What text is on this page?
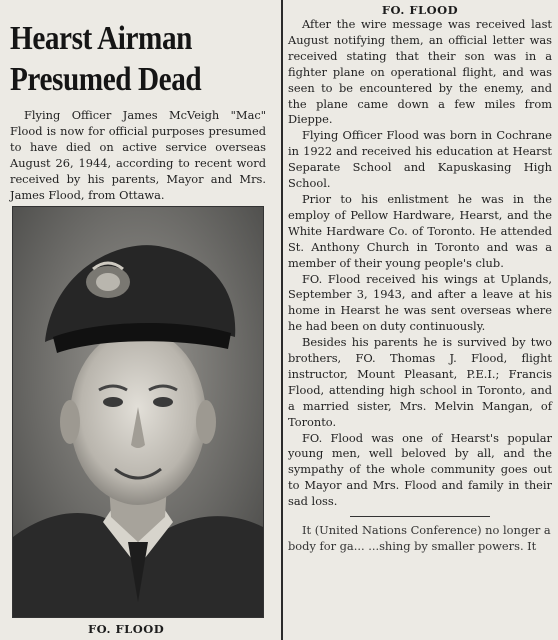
Hearst Airman Presumed Dead

Flying Officer James McVeigh "Mac" Flood is now for official purposes presumed to have died on active service overseas August 26, 1944, according to recent word received by his parents, Mayor and Mrs. James Flood, from Ottawa.

FO. FLOOD
FO. FLOOD

After the wire message was received last August notifying them, an official letter was received stating that their son was in a fighter plane on operational flight, and was seen to be encountered by the enemy, and the plane came down a few miles from Dieppe.

Flying Officer Flood was born in Cochrane in 1922 and received his education at Hearst Separate School and Kapuskasing High School.

Prior to his enlistment he was in the employ of Pellow Hardware, Hearst, and the White Hardware Co. of Toronto. He attended St. Anthony Church in Toronto and was a member of their young people's club.

FO. Flood received his wings at Uplands, September 3, 1943, and after a leave at his home in Hearst he was sent overseas where he had been on duty continuously.

Besides his parents he is survived by two brothers, FO. Thomas J. Flood, flight instructor, Mount Pleasant, P.E.I.; Francis Flood, attending high school in Toronto, and a married sister, Mrs. Melvin Mangan, of Toronto.

FO. Flood was one of Hearst's popular young men, well beloved by all, and the sympathy of the whole community goes out to Mayor and Mrs. Flood and family in their sad loss.

It (United Nations Conference) no longer a body for ga... ...shing by smaller powers. It
